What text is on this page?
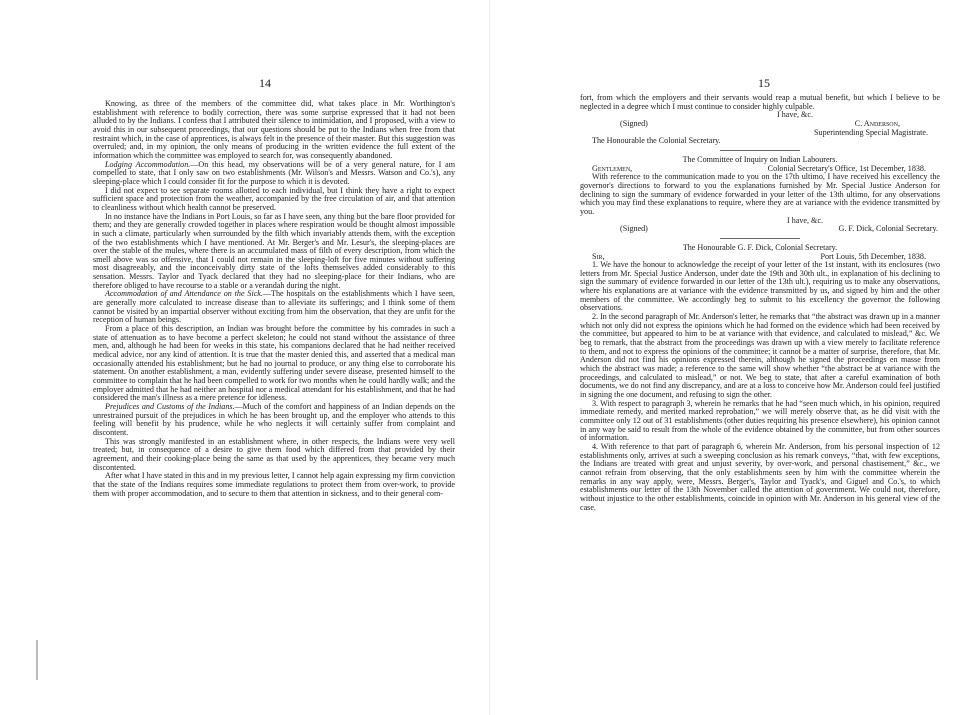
14

Knowing, as three of the members of the committee did, what takes place in Mr. Worthington's establishment with reference to bodily correction, there was some surprise expressed that it had not been alluded to by the Indians. I confess that I attributed their silence to intimidation, and I proposed, with a view to avoid this in our subsequent proceedings, that our questions should be put to the Indians when free from that restraint which, in the case of apprentices, is always felt in the presence of their master. But this suggestion was overruled; and, in my opinion, the only means of producing in the written evidence the full extent of the information which the committee was employed to search for, was consequently abandoned.

Lodging Accommodation.—On this head, my observations will be of a very general nature, for I am compelled to state, that I only saw on two establishments (Mr. Wilson's and Messrs. Watson and Co.'s), any sleeping-place which I could consider fit for the purpose to which it is devoted.

I did not expect to see separate rooms allotted to each individual, but I think they have a right to expect sufficient space and protection from the weather, accompanied by the free circulation of air, and that attention to cleanliness without which health cannot be preserved.

In no instance have the Indians in Port Louis, so far as I have seen, any thing but the bare floor provided for them; and they are generally crowded together in places where respiration would be thought almost impossible in such a climate, particularly when surrounded by the filth which invariably attends them, with the exception of the two establishments which I have mentioned. At Mr. Berger's and Mr. Lesur's, the sleeping-places are over the stable of the mules, where there is an accumulated mass of filth of every description, from which the smell above was so offensive, that I could not remain in the sleeping-loft for five minutes without suffering most disagreeably, and the inconceivably dirty state of the lofts themselves added considerably to this sensation. Messrs. Taylor and Tyack declared that they had no sleeping-place for their Indians, who are therefore obliged to have recourse to a stable or a verandah during the night.

Accommodation of and Attendance on the Sick.—The hospitals on the establishments which I have seen, are generally more calculated to increase disease than to alleviate its sufferings; and I think some of them cannot be visited by an impartial observer without exciting from him the observation, that they are unfit for the reception of human beings.

From a place of this description, an Indian was brought before the committee by his comrades in such a state of attenuation as to have become a perfect skeleton; he could not stand without the assistance of three men, and, although he had been for weeks in this state, his companions declared that he had neither received medical advice, nor any kind of attention. It is true that the master denied this, and asserted that a medical man occasionally attended his establishment; but he had no journal to produce, or any thing else to corroborate his statement. On another establishment, a man, evidently suffering under severe disease, presented himself to the committee to complain that he had been compelled to work for two months when he could hardly walk; and the employer admitted that he had neither an hospital nor a medical attendant for his establishment, and that he had considered the man's illness as a mere pretence for idleness.

Prejudices and Customs of the Indians.—Much of the comfort and happiness of an Indian depends on the unrestrained pursuit of the prejudices in which he has been brought up, and the employer who attends to this feeling will benefit by his prudence, while he who neglects it will certainly suffer from complaint and discontent.

This was strongly manifested in an establishment where, in other respects, the Indians were very well treated; but, in consequence of a desire to give them food which differed from that provided by their agreement, and their cooking-place being the same as that used by the apprentices, they became very much discontented.

After what I have stated in this and in my previous letter, I cannot help again expressing my firm conviction that the state of the Indians requires some immediate regulations to protect them from over-work, to provide them with proper accommodation, and to secure to them that attention in sickness, and to their general com-

15

fort, from which the employers and their servants would reap a mutual benefit, but which I believe to be neglected in a degree which I must continue to consider highly culpable.

I have, &c.

(Signed)	C. Anderson,

Superintending Special Magistrate.

The Honourable the Colonial Secretary.

The Committee of Inquiry on Indian Labourers.

Gentlemen,	Colonial Secretary's Office, 1st December, 1838.

With reference to the communication made to you on the 17th ultimo, I have received his excellency the governor's directions to forward to you the explanations furnished by Mr. Special Justice Anderson for declining to sign the summary of evidence forwarded in your letter of the 13th ultimo, for any observations which you may find these explanations to require, where they are at variance with the evidence transmitted by you.

I have, &c.

(Signed)	G. F. Dick, Colonial Secretary.

The Honourable G. F. Dick, Colonial Secretary.

Sir,	Port Louis, 5th December, 1838.

1. We have the honour to acknowledge the receipt of your letter of the 1st instant, with its enclosures (two letters from Mr. Special Justice Anderson, under date the 19th and 30th ult., in explanation of his declining to sign the summary of evidence forwarded in our letter of the 13th ult.), requiring us to make any observations, where his explanations are at variance with the evidence transmitted by us, and signed by him and the other members of the committee. We accordingly beg to submit to his excellency the governor the following observations.

2. In the second paragraph of Mr. Anderson's letter, he remarks that “the abstract was drawn up in a manner which not only did not express the opinions which he had formed on the evidence which had been received by the committee, but appeared to him to be at variance with that evidence, and calculated to mislead,” &c. We beg to remark, that the abstract from the proceedings was drawn up with a view merely to facilitate reference to them, and not to express the opinions of the committee; it cannot be a matter of surprise, therefore, that Mr. Anderson did not find his opinions expressed therein, although he signed the proceedings en masse from which the abstract was made; a reference to the same will show whether “the abstract be at variance with the proceedings, and calculated to mislead,” or not. We beg to state, that after a careful examination of both documents, we do not find any discrepancy, and are at a loss to conceive how Mr. Anderson could feel justified in signing the one document, and refusing to sign the other.

3. With respect to paragraph 3, wherein he remarks that he had “seen much which, in his opinion, required immediate remedy, and merited marked reprobation,” we will merely observe that, as he did visit with the committee only 12 out of 31 establishments (other duties requiring his presence elsewhere), his opinion cannot in any way be said to result from the whole of the evidence obtained by the committee, but from other sources of information.

4. With reference to that part of paragraph 6, wherein Mr. Anderson, from his personal inspection of 12 establishments only, arrives at such a sweeping conclusion as his remark conveys, “that, with few exceptions, the Indians are treated with great and unjust severity, by over-work, and personal chastisement,” &c., we cannot refrain from observing, that the only establishments seen by him with the committee wherein the remarks in any way apply, were, Messrs. Berger's, Taylor and Tyack's, and Giguel and Co.'s, to which establishments our letter of the 13th November called the attention of government. We could not, therefore, without injustice to the other establishments, coincide in opinion with Mr. Anderson in his general view of the case.
